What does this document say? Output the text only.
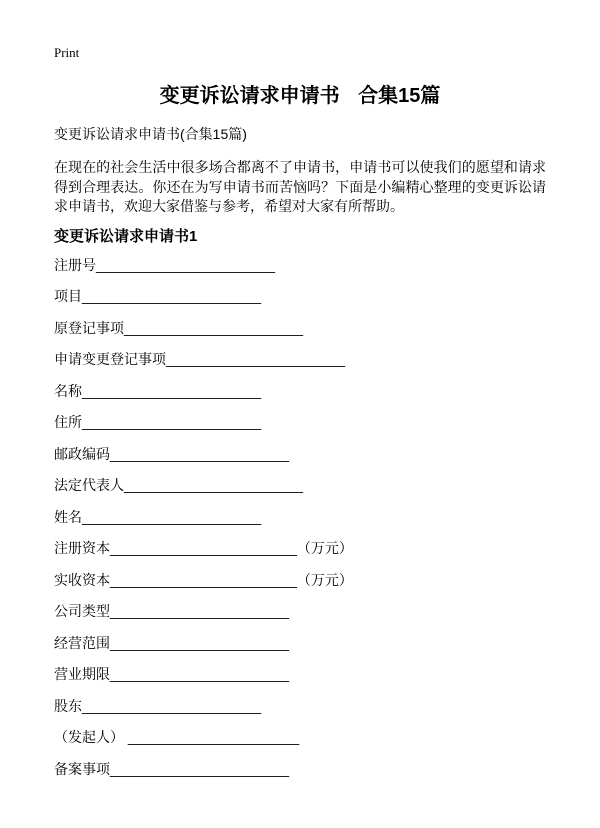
Print
变更诉讼请求申请书 合集15篇

变更诉讼请求申请书(合集15篇)

在现在的社会生活中很多场合都离不了申请书，申请书可以使我们的愿望和请求得到合理表达。你还在为写申请书而苦恼吗？下面是小编精心整理的变更诉讼请求申请书，欢迎大家借鉴与参考，希望对大家有所帮助。

变更诉讼请求申请书1
注册号_______________________
项目_______________________
原登记事项_______________________
申请变更登记事项_______________________
名称_______________________
住所_______________________
邮政编码_______________________
法定代表人_______________________
姓名_______________________
注册资本________________________（万元）
实收资本________________________（万元）
公司类型_______________________
经营范围_______________________
营业期限_______________________
股东_______________________
（发起人） ______________________
备案事项_______________________
